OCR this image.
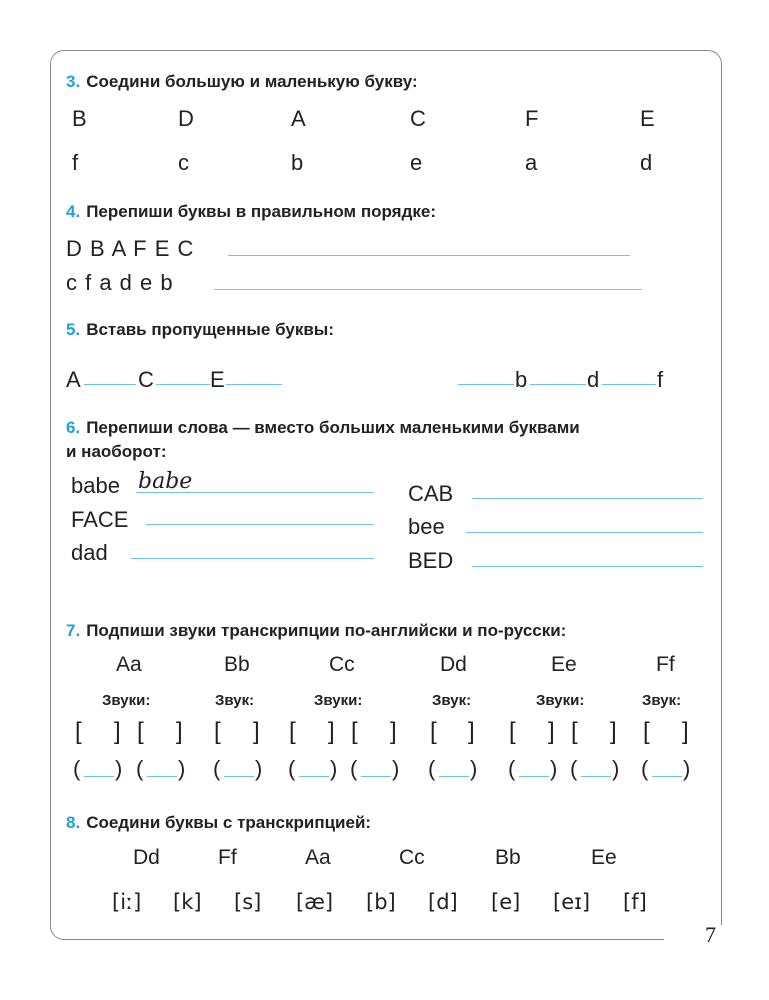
7
3. Соедини большую и маленькую букву:
B	D	A	C	F	E
f	c	b	e	a	d
4. Перепиши буквы в правильном порядке:
D B A F E C
c f a d e b
5. Вставь пропущенные буквы:
A	C	E	b	d	f
6. Перепиши слова — вместо больших маленькими буквами
и наоборот:
babe babe
FACE
dad
CAB
bee
BED
7. Подпиши звуки транскрипции по-английски и по-русски:
Aa	Bb	Cc	Dd	Ee	Ff
Звуки:	Звук:	Звуки:	Звук:	Звуки:	Звук:
[ ] [ ] [ ] [ ] [ ] [ ] [ ] [ ] [ ]
( ) ( ) ( ) ( ) ( ) ( ) ( ) ( ) ( )
8. Соедини буквы с транскрипцией:
Dd	Ff	Aa	Cc	Bb	Ee
[iː] [k] [s] [æ] [b] [d] [e] [eɪ] [f]
